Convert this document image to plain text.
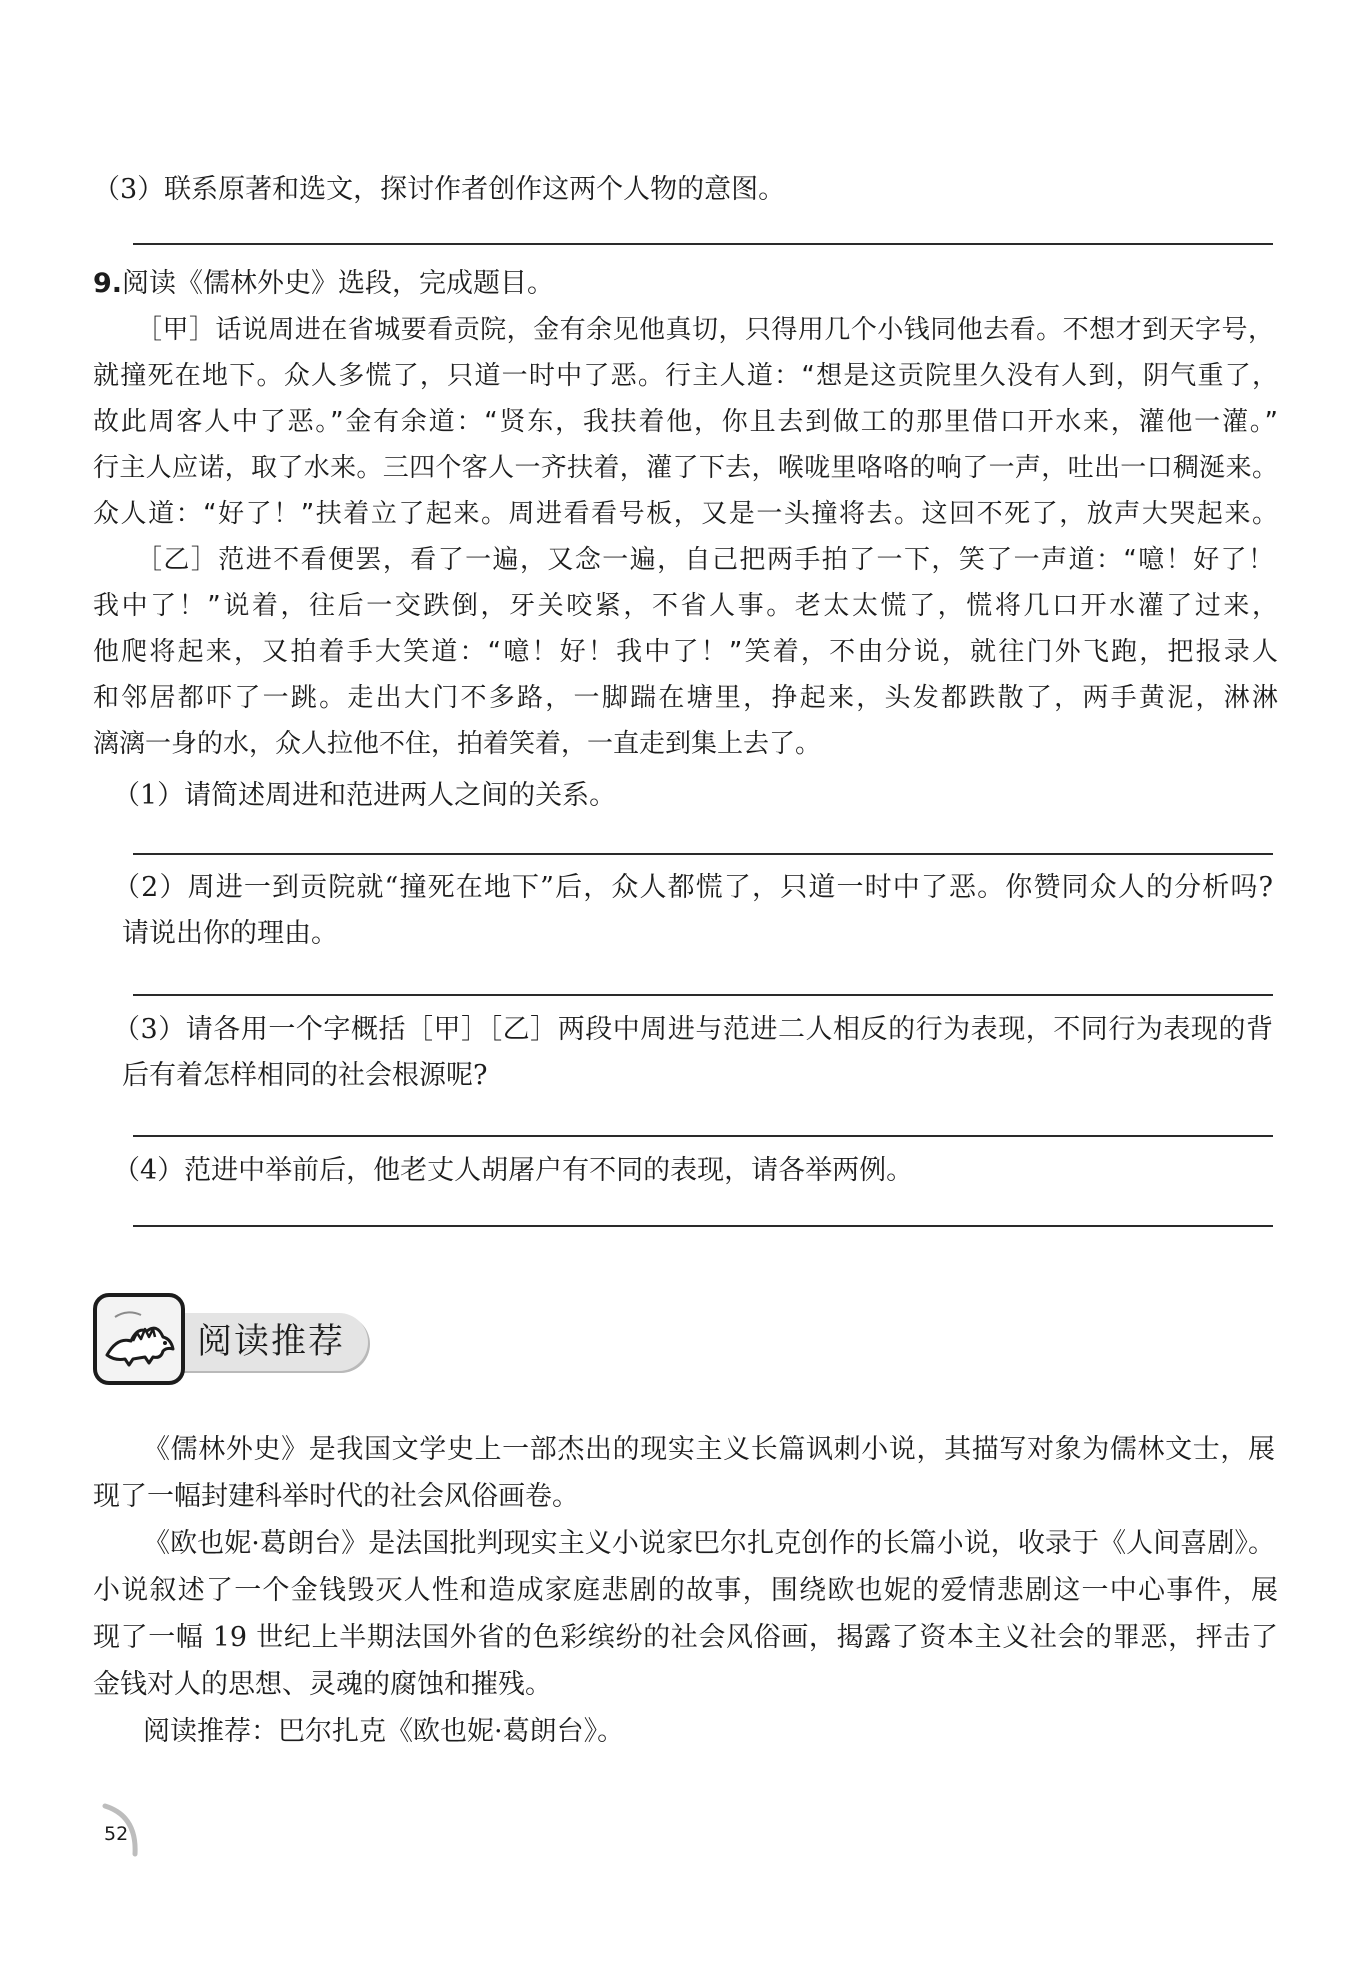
（3）联系原著和选文，探讨作者创作这两个人物的意图。
9.阅读《儒林外史》选段，完成题目。
［甲］话说周进在省城要看贡院，金有余见他真切，只得用几个小钱同他去看。不想才到天字号，
就撞死在地下。众人多慌了，只道一时中了恶。行主人道：“想是这贡院里久没有人到，阴气重了，
故此周客人中了恶。”金有余道：“贤东，我扶着他，你且去到做工的那里借口开水来，灌他一灌。”
行主人应诺，取了水来。三四个客人一齐扶着，灌了下去，喉咙里咯咯的响了一声，吐出一口稠涎来。
众人道：“好了！”扶着立了起来。周进看看号板，又是一头撞将去。这回不死了，放声大哭起来。
［乙］范进不看便罢，看了一遍，又念一遍，自己把两手拍了一下，笑了一声道：“噫！好了！
我中了！”说着，往后一交跌倒，牙关咬紧，不省人事。老太太慌了，慌将几口开水灌了过来，
他爬将起来，又拍着手大笑道：“噫！好！我中了！”笑着，不由分说，就往门外飞跑，把报录人
和邻居都吓了一跳。走出大门不多路，一脚踹在塘里，挣起来，头发都跌散了，两手黄泥，淋淋
漓漓一身的水，众人拉他不住，拍着笑着，一直走到集上去了。
（1）请简述周进和范进两人之间的关系。
（2）周进一到贡院就“撞死在地下”后，众人都慌了，只道一时中了恶。你赞同众人的分析吗?
请说出你的理由。
（3）请各用一个字概括［甲］［乙］两段中周进与范进二人相反的行为表现，不同行为表现的背
后有着怎样相同的社会根源呢?
（4）范进中举前后，他老丈人胡屠户有不同的表现，请各举两例。
阅读推荐
《儒林外史》是我国文学史上一部杰出的现实主义长篇讽刺小说，其描写对象为儒林文士，展
现了一幅封建科举时代的社会风俗画卷。
《欧也妮·葛朗台》是法国批判现实主义小说家巴尔扎克创作的长篇小说，收录于《人间喜剧》。
小说叙述了一个金钱毁灭人性和造成家庭悲剧的故事，围绕欧也妮的爱情悲剧这一中心事件，展
现了一幅 19 世纪上半期法国外省的色彩缤纷的社会风俗画，揭露了资本主义社会的罪恶，抨击了
金钱对人的思想、灵魂的腐蚀和摧残。
阅读推荐：巴尔扎克《欧也妮·葛朗台》。
52
